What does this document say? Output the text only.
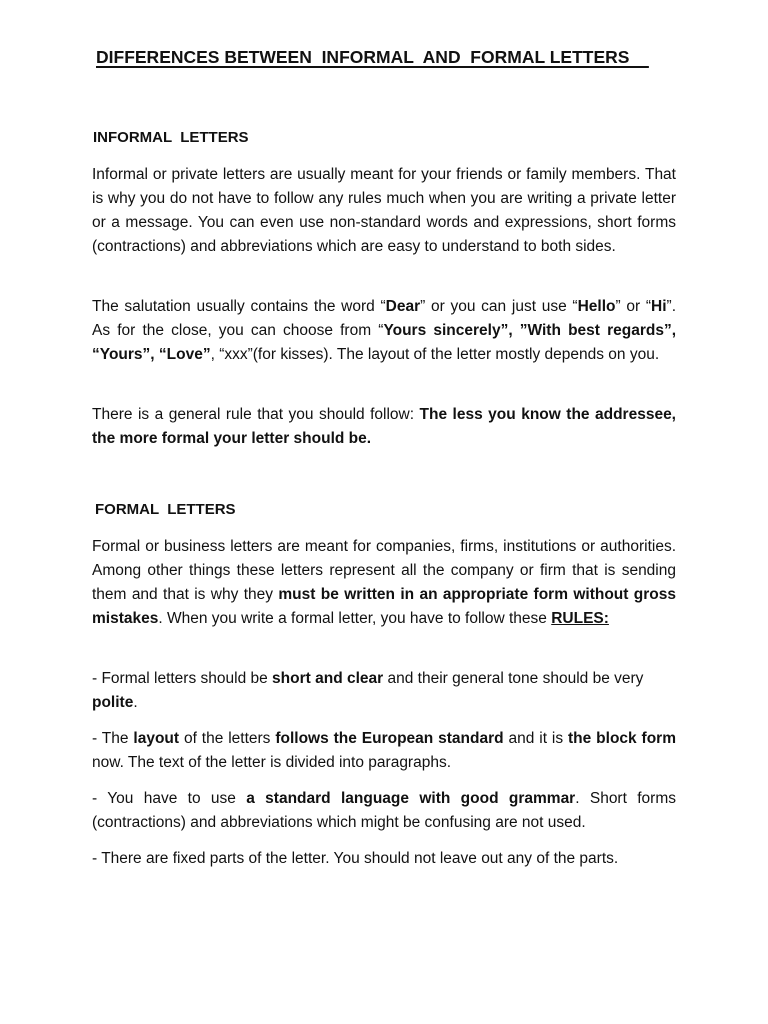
DIFFERENCES BETWEEN  INFORMAL  AND  FORMAL LETTERS
INFORMAL  LETTERS

Informal or private letters are usually meant for your friends or family members. That is why you do not have to follow any rules much when you are writing a private letter or a message. You can even use non-standard words and expressions, short forms (contractions) and abbreviations which are easy to understand to both sides.

The salutation usually contains the word “Dear” or you can just use “Hello” or “Hi”. As for the close, you can choose from “Yours sincerely”, ”With best regards”, “Yours”, “Love”, “xxx”(for kisses). The layout of the letter mostly depends on you.

There is a general rule that you should follow: The less you know the addressee, the more formal your letter should be.

FORMAL  LETTERS

Formal or business letters are meant for companies, firms, institutions or authorities. Among other things these letters represent all the company or firm that is sending them and that is why they must be written in an appropriate form without gross mistakes. When you write a formal letter, you have to follow these RULES:

- Formal letters should be short and clear and their general tone should be very polite.

- The layout of the letters follows the European standard and it is the block form now. The text of the letter is divided into paragraphs.

- You have to use a standard language with good grammar. Short forms (contractions) and abbreviations which might be confusing are not used.

- There are fixed parts of the letter. You should not leave out any of the parts.
